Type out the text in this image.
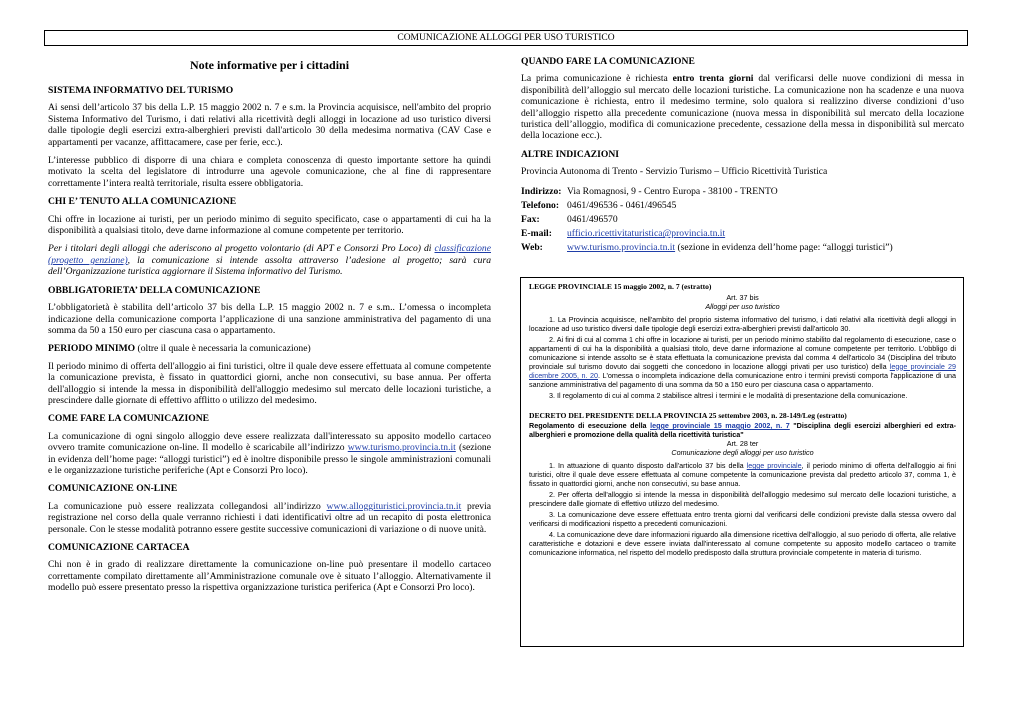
COMUNICAZIONE ALLOGGI PER USO TURISTICO
Note informative per i cittadini
SISTEMA INFORMATIVO DEL TURISMO

Ai sensi dell’articolo 37 bis della L.P. 15 maggio 2002 n. 7 e s.m. la Provincia acquisisce, nell'ambito del proprio Sistema Informativo del Turismo, i dati relativi alla ricettività degli alloggi in locazione ad uso turistico diversi dalle tipologie degli esercizi extra-alberghieri previsti dall'articolo 30 della medesima normativa (CAV Case e appartamenti per vacanze, affittacamere, case per ferie, ecc.).

L’interesse pubblico di disporre di una chiara e completa conoscenza di questo importante settore ha quindi motivato la scelta del legislatore di introdurre una agevole comunicazione, che al fine di rappresentare correttamente l’intera realtà territoriale, risulta essere obbligatoria.

CHI E’ TENUTO ALLA COMUNICAZIONE

Chi offre in locazione ai turisti, per un periodo minimo di seguito specificato, case o appartamenti di cui ha la disponibilità a qualsiasi titolo, deve darne informazione al comune competente per territorio.

Per i titolari degli alloggi che aderiscono al progetto volontario (di APT e Consorzi Pro Loco) di classificazione (progetto genziane), la comunicazione si intende assolta attraverso l’adesione al progetto; sarà cura dell’Organizzazione turistica aggiornare il Sistema informativo del Turismo.

OBBLIGATORIETA’ DELLA COMUNICAZIONE

L’obbligatorietà è stabilita dell’articolo 37 bis della L.P. 15 maggio 2002 n. 7 e s.m.. L’omessa o incompleta indicazione della comunicazione comporta l’applicazione di una sanzione amministrativa del pagamento di una somma da 50 a 150 euro per ciascuna casa o appartamento.

PERIODO MINIMO (oltre il quale è necessaria la comunicazione)

Il periodo minimo di offerta dell'alloggio ai fini turistici, oltre il quale deve essere effettuata al comune competente la comunicazione prevista, è fissato in quattordici giorni, anche non consecutivi, su base annua. Per offerta dell'alloggio si intende la messa in disponibilità dell'alloggio medesimo sul mercato delle locazioni turistiche, a prescindere dalle giornate di effettivo afflitto o utilizzo del medesimo.

COME FARE LA COMUNICAZIONE

La comunicazione di ogni singolo alloggio deve essere realizzata dall'interessato su apposito modello cartaceo ovvero tramite comunicazione on-line. Il modello è scaricabile all’indirizzo www.turismo.provincia.tn.it (sezione in evidenza dell’home page: “alloggi turistici”) ed è inoltre disponibile presso le singole amministrazioni comunali e le organizzazione turistiche periferiche (Apt e Consorzi Pro loco).

COMUNICAZIONE ON-LINE

La comunicazione può essere realizzata collegandosi all’indirizzo www.alloggituristici.provincia.tn.it previa registrazione nel corso della quale verranno richiesti i dati identificativi oltre ad un recapito di posta elettronica personale. Con le stesse modalità potranno essere gestite successive comunicazioni di variazione o di nuove unità.

COMUNICAZIONE CARTACEA

Chi non è in grado di realizzare direttamente la comunicazione on-line può presentare il modello cartaceo correttamente compilato direttamente all’Amministrazione comunale ove è situato l’alloggio. Alternativamente il modello può essere presentato presso la rispettiva organizzazione turistica periferica (Apt e Consorzi Pro loco).

QUANDO FARE LA COMUNICAZIONE

La prima comunicazione è richiesta entro trenta giorni dal verificarsi delle nuove condizioni di messa in disponibilità dell’alloggio sul mercato delle locazioni turistiche. La comunicazione non ha scadenze e una nuova comunicazione è richiesta, entro il medesimo termine, solo qualora si realizzino diverse condizioni d’uso dell’alloggio rispetto alla precedente comunicazione (nuova messa in disponibilità sul mercato della locazione turistica dell’alloggio, modifica di comunicazione precedente, cessazione della messa in disponibilità sul mercato della locazione ecc.).

ALTRE INDICAZIONI

Provincia Autonoma di Trento - Servizio Turismo – Ufficio Ricettività Turistica

Indirizzo: Via Romagnosi, 9 - Centro Europa - 38100 - TRENTO
Telefono: 0461/496536 - 0461/496545
Fax:	0461/496570
E-mail:	ufficio.ricettivitaturistica@provincia.tn.it
Web:	www.turismo.provincia.tn.it (sezione in evidenza dell’home page: “alloggi turistici”)

LEGGE PROVINCIALE 15 maggio 2002, n. 7 (estratto)

Art. 37 bis

Alloggi per uso turistico

1. La Provincia acquisisce, nell'ambito del proprio sistema informativo del turismo, i dati relativi alla ricettività degli alloggi in locazione ad uso turistico diversi dalle tipologie degli esercizi extra-alberghieri previsti dall'articolo 30.

2. Ai fini di cui al comma 1 chi offre in locazione ai turisti, per un periodo minimo stabilito dal regolamento di esecuzione, case o appartamenti di cui ha la disponibilità a qualsiasi titolo, deve darne informazione al comune competente per territorio. L'obbligo di comunicazione si intende assolto se è stata effettuata la comunicazione prevista dal comma 4 dell'articolo 34 (Disciplina del tributo provinciale sul turismo dovuto dai soggetti che concedono in locazione alloggi privati per uso turistico) della legge provinciale 29 dicembre 2005, n. 20. L'omessa o incompleta indicazione della comunicazione entro i termini previsti comporta l'applicazione di una sanzione amministrativa del pagamento di una somma da 50 a 150 euro per ciascuna casa o appartamento.

3. Il regolamento di cui al comma 2 stabilisce altresì i termini e le modalità di presentazione della comunicazione.

DECRETO DEL PRESIDENTE DELLA PROVINCIA 25 settembre 2003, n. 28-149/Leg (estratto)

Regolamento di esecuzione della legge provinciale 15 maggio 2002, n. 7 "Disciplina degli esercizi alberghieri ed extra-alberghieri e promozione della qualità della ricettività turistica"

Art. 28 ter

Comunicazione degli alloggi per uso turistico

1. In attuazione di quanto disposto dall'articolo 37 bis della legge provinciale, il periodo minimo di offerta dell'alloggio ai fini turistici, oltre il quale deve essere effettuata al comune competente la comunicazione prevista dal predetto articolo 37, comma 1, è fissato in quattordici giorni, anche non consecutivi, su base annua.

2. Per offerta dell'alloggio si intende la messa in disponibilità dell'alloggio medesimo sul mercato delle locazioni turistiche, a prescindere dalle giornate di effettivo utilizzo del medesimo.

3. La comunicazione deve essere effettuata entro trenta giorni dal verificarsi delle condizioni previste dalla stessa ovvero dal verificarsi di modificazioni rispetto a precedenti comunicazioni.

4. La comunicazione deve dare informazioni riguardo alla dimensione ricettiva dell'alloggio, al suo periodo di offerta, alle relative caratteristiche e dotazioni e deve essere inviata dall'interessato al comune competente su apposito modello cartaceo o tramite comunicazione informatica, nel rispetto del modello predisposto dalla struttura provinciale competente in materia di turismo.
